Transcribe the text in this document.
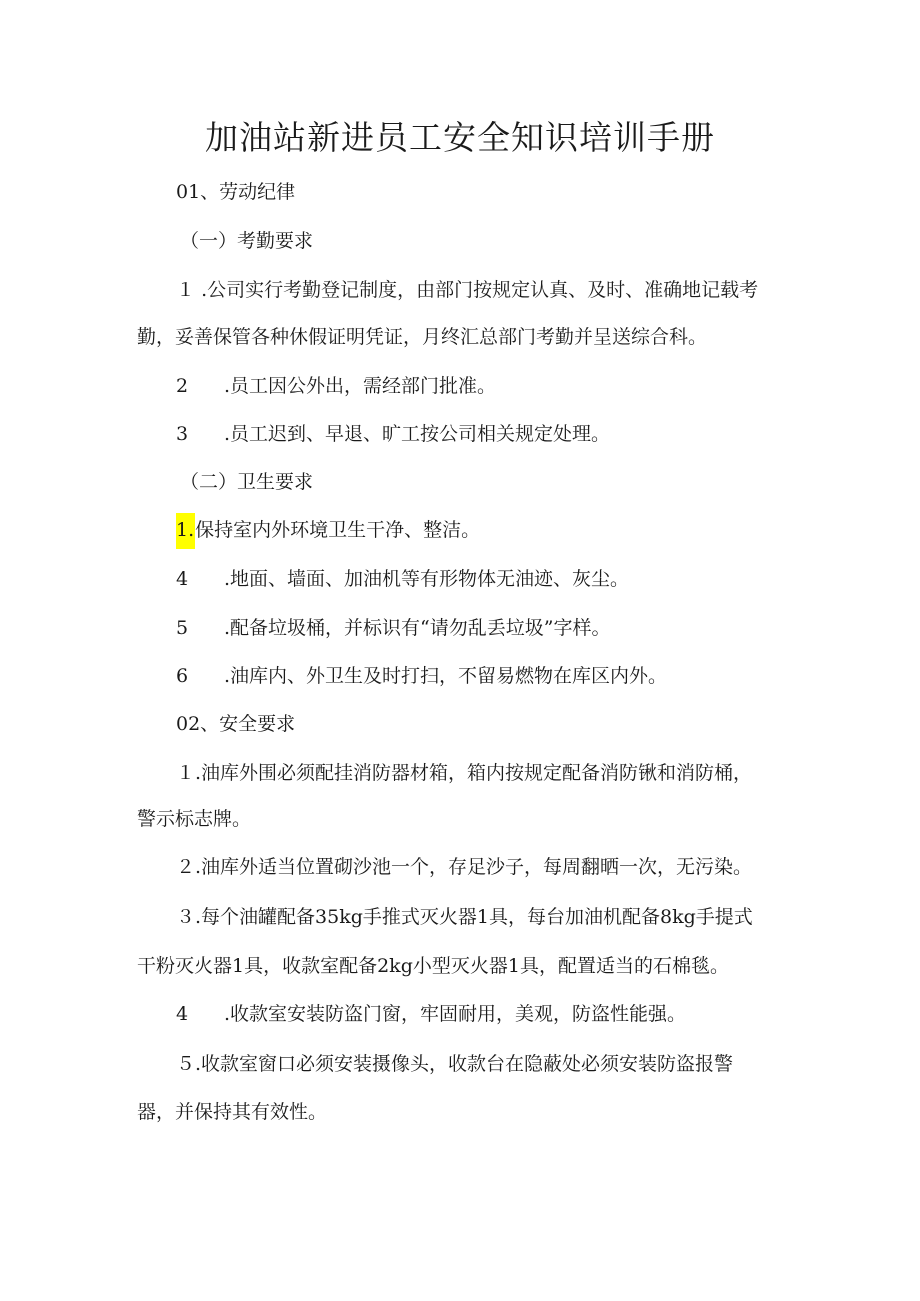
加油站新进员工安全知识培训手册
01、劳动纪律
（一）考勤要求
１ .公司实行考勤登记制度，由部门按规定认真、及时、准确地记载考
勤，妥善保管各种休假证明凭证，月终汇总部门考勤并呈送综合科。
2 .员工因公外出，需经部门批准。
3 .员工迟到、早退、旷工按公司相关规定处理。
（二）卫生要求
1.保持室内外环境卫生干净、整洁。
4 .地面、墙面、加油机等有形物体无油迹、灰尘。
5 .配备垃圾桶，并标识有“请勿乱丢垃圾”字样。
6 .油库内、外卫生及时打扫，不留易燃物在库区内外。
02、安全要求
１.油库外围必须配挂消防器材箱，箱内按规定配备消防锹和消防桶，
警示标志牌。
２.油库外适当位置砌沙池一个，存足沙子，每周翻晒一次，无污染。
３.每个油罐配备35kg手推式灭火器1具，每台加油机配备8kg手提式
干粉灭火器1具，收款室配备2kg小型灭火器1具，配置适当的石棉毯。
4 .收款室安装防盗门窗，牢固耐用，美观，防盗性能强。
５.收款室窗口必须安装摄像头，收款台在隐蔽处必须安装防盗报警
器，并保持其有效性。
